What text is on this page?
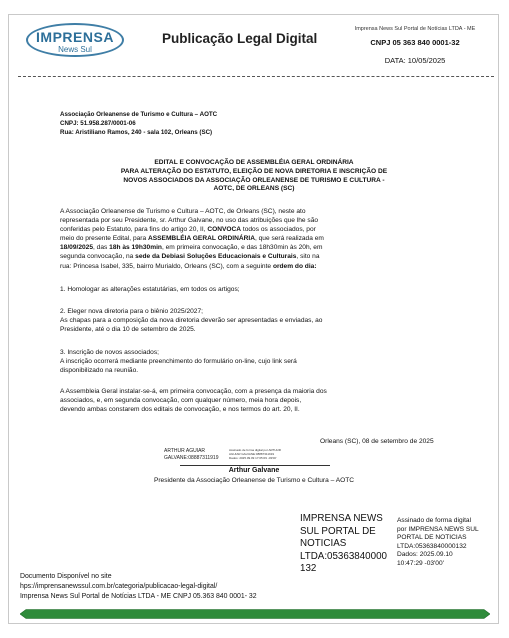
IMPRENSA
News Sul
Publicação Legal Digital
Imprensa News Sul Portal de Notícias LTDA - ME
CNPJ 05 363 840 0001-32
DATA: 10/05/2025
Associação Orleanense de Turismo e Cultura – AOTC
CNPJ: 51.958.287/0001-06
Rua: Aristiliano Ramos, 240 - sala 102, Orleans (SC)
EDITAL E CONVOCAÇÃO DE ASSEMBLÉIA GERAL ORDINÁRIA
PARA ALTERAÇÃO DO ESTATUTO, ELEIÇÃO DE NOVA DIRETORIA E INSCRIÇÃO DE
NOVOS ASSOCIADOS DA ASSOCIAÇÃO ORLEANENSE DE TURISMO E CULTURA -
AOTC, DE ORLEANS (SC)
A Associação Orleanense de Turismo e Cultura – AOTC, de Orleans (SC), neste ato
representada por seu Presidente, sr. Arthur Galvane, no uso das atribuições que lhe são
conferidas pelo Estatuto, para fins do artigo 20, II, CONVOCA todos os associados, por
meio do presente Edital, para ASSEMBLÉIA GERAL ORDINÁRIA, que será realizada em
18/09/2025, das 18h às 19h30min, em primeira convocação, e das 18h30min às 20h, em
segunda convocação, na sede da Debiasi Soluções Educacionais e Culturais, sito na
rua: Princesa Isabel, 335, bairro Murialdo, Orleans (SC), com a seguinte ordem do dia:
1. Homologar as alterações estatutárias, em todos os artigos;
2. Eleger nova diretoria para o biênio 2025/2027;
As chapas para a composição da nova diretoria deverão ser apresentadas e enviadas, ao
Presidente, até o dia 10 de setembro de 2025.
3. Inscrição de novos associados;
A inscrição ocorrerá mediante preenchimento do formulário on-line, cujo link será
disponibilizado na reunião.
A Assembleia Geral instalar-se-á, em primeira convocação, com a presença da maioria dos
associados, e, em segunda convocação, com qualquer número, meia hora depois,
devendo ambas constarem dos editais de convocação, e nos termos do art. 20, II.
Orleans (SC), 08 de setembro de 2025
ARTHUR AGUIAR
GALVANE:08887311919
Assinado de forma digital por ARTHUR
AGUIAR GALVANE:08887311919
Dados: 2025.09.09 17:05:09 -03'00'
Arthur Galvane
Presidente da Associação Orleanense de Turismo e Cultura – AOTC
IMPRENSA NEWS
SUL PORTAL DE
NOTICIAS
LTDA:05363840000
132
Assinado de forma digital
por IMPRENSA NEWS SUL
PORTAL DE NOTICIAS
LTDA:05363840000132
Dados: 2025.09.10
10:47:29 -03'00'
Documento Disponível no site
hps://imprensanewssul.com.br/categoria/publicacao-legal-digital/
Imprensa News Sul Portal de Notícias LTDA - ME CNPJ 05.363 840 0001- 32
